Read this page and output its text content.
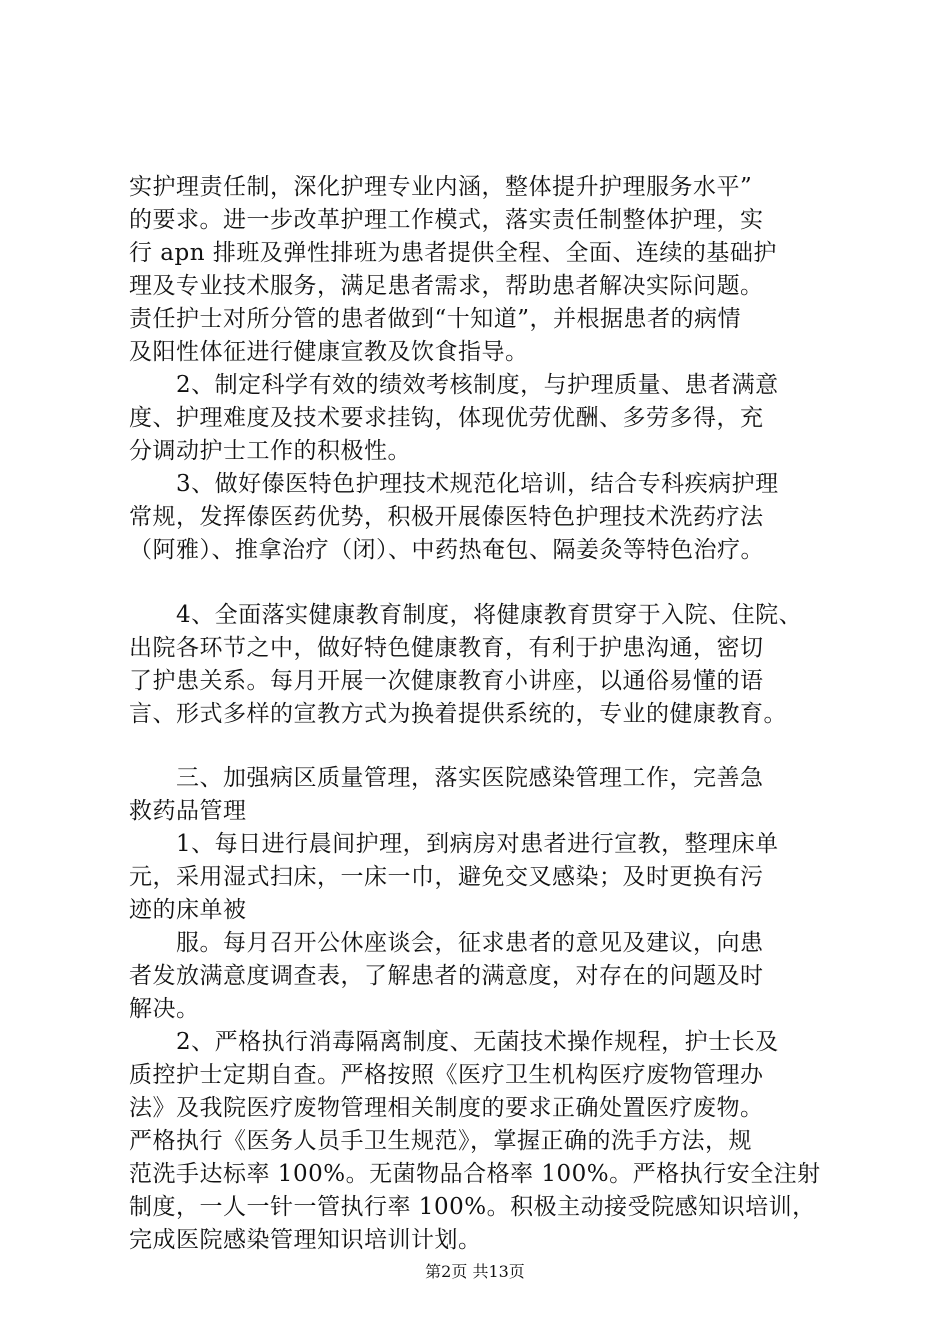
实护理责任制，深化护理专业内涵，整体提升护理服务水平”
的要求。进一步改革护理工作模式，落实责任制整体护理，实
行 apn 排班及弹性排班为患者提供全程、全面、连续的基础护
理及专业技术服务，满足患者需求，帮助患者解决实际问题。
责任护士对所分管的患者做到“十知道”，并根据患者的病情
及阳性体征进行健康宣教及饮食指导。
　　2、制定科学有效的绩效考核制度，与护理质量、患者满意
度、护理难度及技术要求挂钩，体现优劳优酬、多劳多得，充
分调动护士工作的积极性。
　　3、做好傣医特色护理技术规范化培训，结合专科疾病护理
常规，发挥傣医药优势，积极开展傣医特色护理技术洗药疗法
（阿雅）、推拿治疗（闭）、中药热奄包、隔姜灸等特色治疗。
　　4、全面落实健康教育制度，将健康教育贯穿于入院、住院、
出院各环节之中，做好特色健康教育，有利于护患沟通，密切
了护患关系。每月开展一次健康教育小讲座，以通俗易懂的语
言、形式多样的宣教方式为换着提供系统的，专业的健康教育。
　　三、加强病区质量管理，落实医院感染管理工作，完善急
救药品管理
　　1、每日进行晨间护理，到病房对患者进行宣教，整理床单
元，采用湿式扫床，一床一巾，避免交叉感染；及时更换有污
迹的床单被
　　服。每月召开公休座谈会，征求患者的意见及建议，向患
者发放满意度调查表，了解患者的满意度，对存在的问题及时
解决。
　　2、严格执行消毒隔离制度、无菌技术操作规程，护士长及
质控护士定期自查。严格按照《医疗卫生机构医疗废物管理办
法》及我院医疗废物管理相关制度的要求正确处置医疗废物。
严格执行《医务人员手卫生规范》，掌握正确的洗手方法，规
范洗手达标率 100%。无菌物品合格率 100%。严格执行安全注射
制度，一人一针一管执行率 100%。积极主动接受院感知识培训，
完成医院感染管理知识培训计划。
第2页 共13页
